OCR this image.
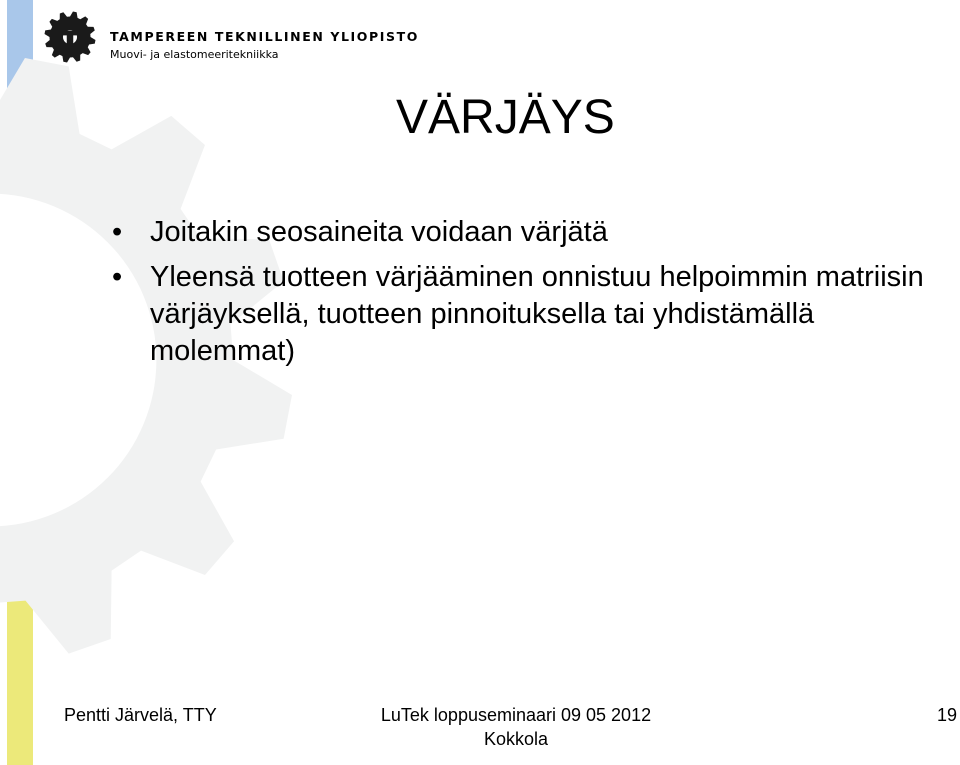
TAMPEREEN TEKNILLINEN YLIOPISTO
Muovi- ja elastomeeritekniikka
VÄRJÄYS
• Joitakin seosaineita voidaan värjätä
• Yleensä tuotteen värjääminen onnistuu helpoimmin matriisin värjäyksellä, tuotteen pinnoituksella tai yhdistämällä molemmat)
Pentti Järvelä, TTY	LuTek loppuseminaari 09 05 2012
Kokkola
19
